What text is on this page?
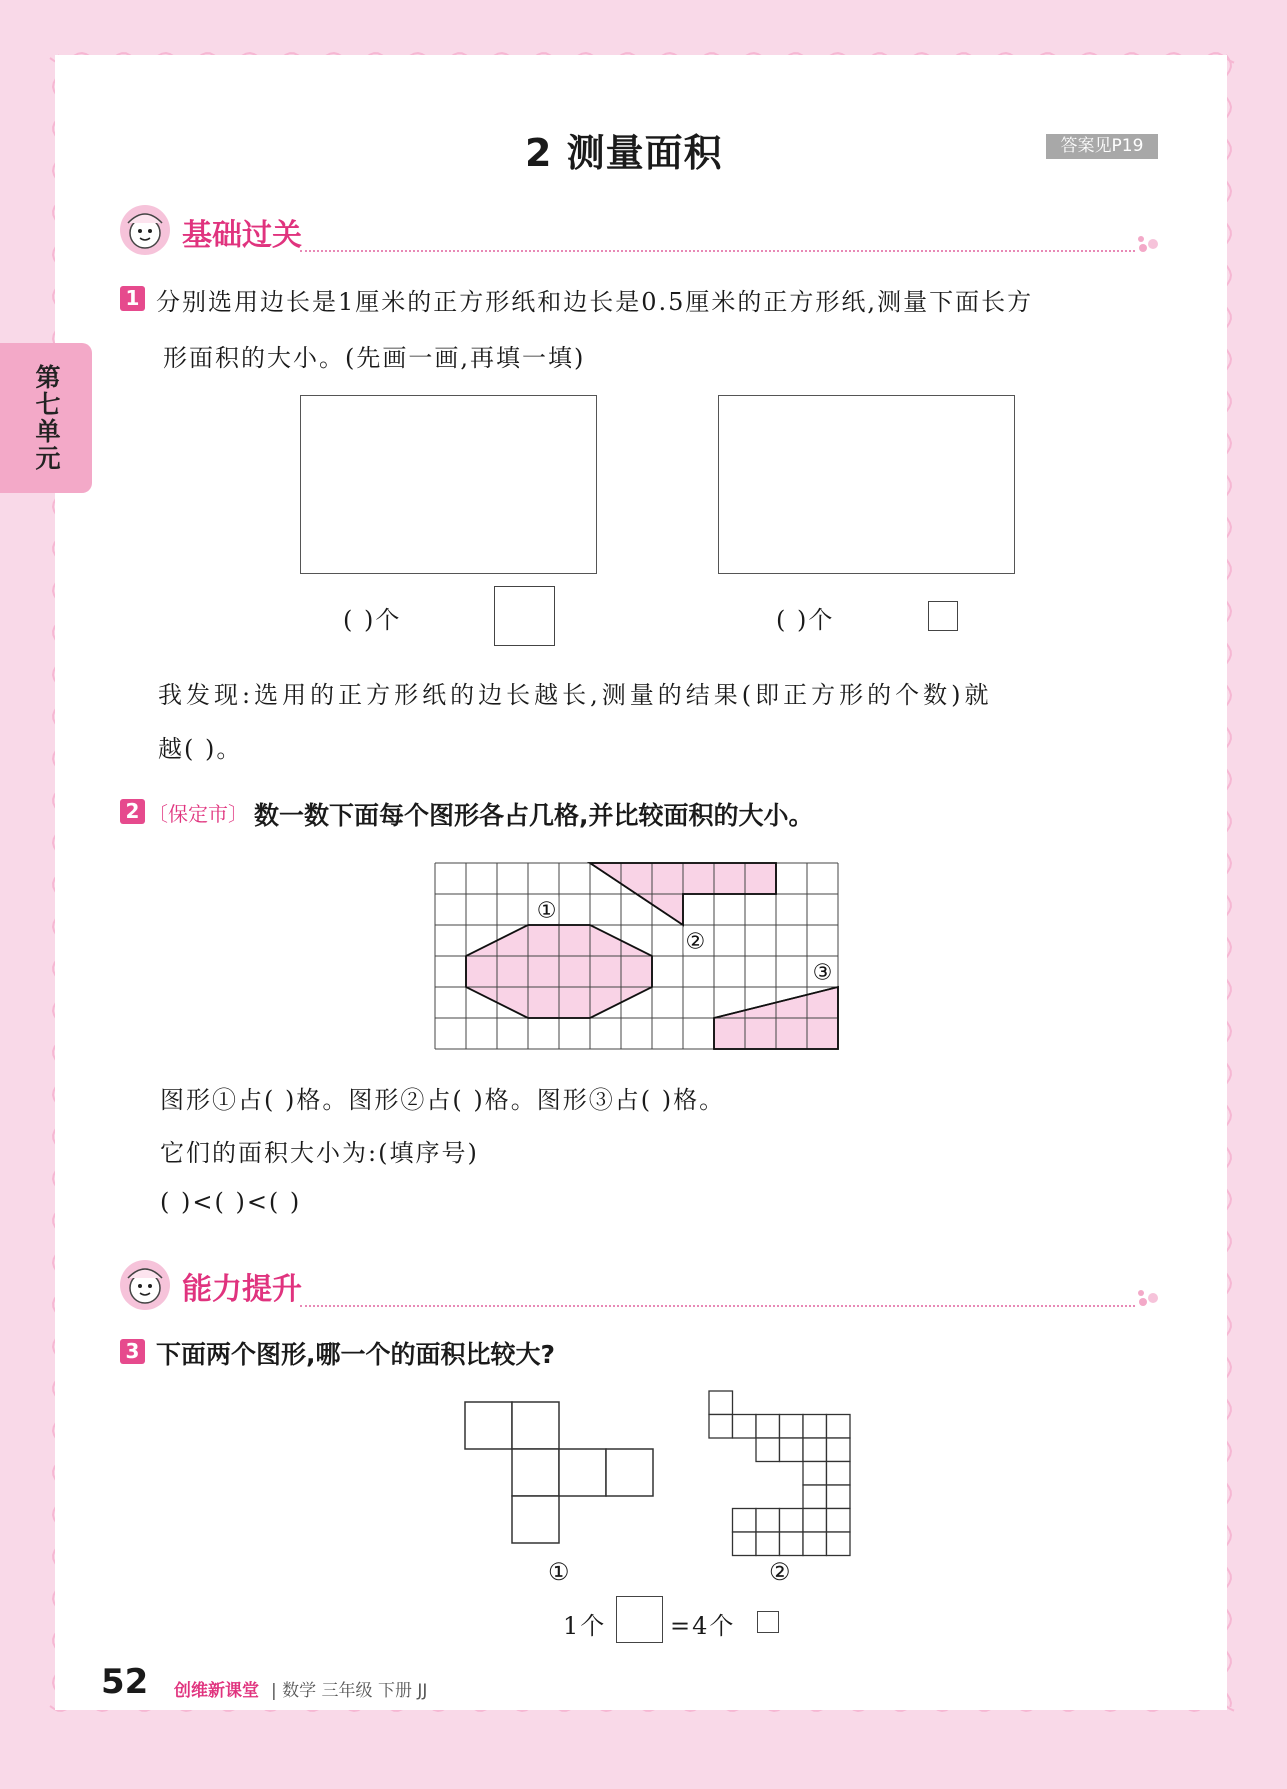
第七单元
2 测量面积	答案见P19
基础过关
1 分别选用边长是1厘米的正方形纸和边长是0.5厘米的正方形纸,测量下面长方
形面积的大小。(先画一画,再填一填)
( )个	( )个
我发现:选用的正方形纸的边长越长,测量的结果(即正方形的个数)就
越( )。
2 〔保定市〕 数一数下面每个图形各占几格,并比较面积的大小。
①
②
③
图形①占( )格。图形②占( )格。图形③占( )格。
它们的面积大小为:(填序号)
( )<( )<( )
能力提升
3 下面两个图形,哪一个的面积比较大?
①	②
1个	=4个
52 创维新课堂 | 数学 三年级 下册 JJ
